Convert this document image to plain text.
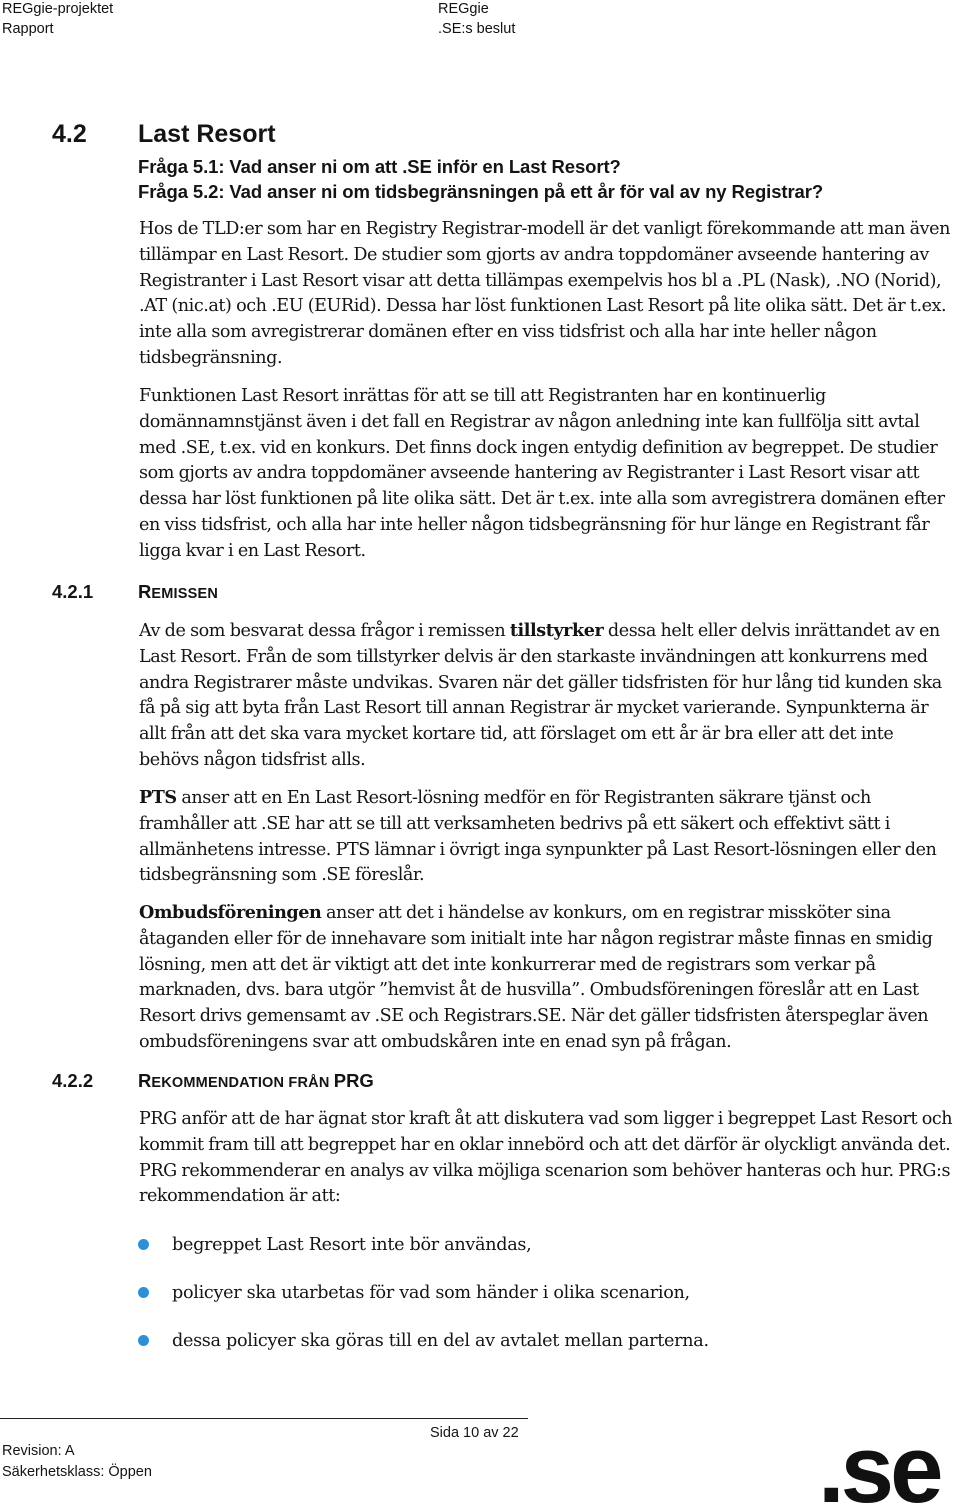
REGgie-projektet
Rapport
REGgie
.SE:s beslut
4.2 Last Resort
Fråga 5.1: Vad anser ni om att .SE inför en Last Resort?
Fråga 5.2: Vad anser ni om tidsbegränsningen på ett år för val av ny Registrar?
Hos de TLD:er som har en Registry Registrar-modell är det vanligt förekommande att man även tillämpar en Last Resort. De studier som gjorts av andra toppdomäner avseende hantering av Registranter i Last Resort visar att detta tillämpas exempelvis hos bl a .PL (Nask), .NO (Norid), .AT (nic.at) och .EU (EURid). Dessa har löst funktionen Last Resort på lite olika sätt. Det är t.ex. inte alla som avregistrerar domänen efter en viss tidsfrist och alla har inte heller någon tidsbegränsning.
Funktionen Last Resort inrättas för att se till att Registranten har en kontinuerlig domännamnstjänst även i det fall en Registrar av någon anledning inte kan fullfölja sitt avtal med .SE, t.ex. vid en konkurs. Det finns dock ingen entydig definition av begreppet. De studier som gjorts av andra toppdomäner avseende hantering av Registranter i Last Resort visar att dessa har löst funktionen på lite olika sätt. Det är t.ex. inte alla som avregistrera domänen efter en viss tidsfrist, och alla har inte heller någon tidsbegränsning för hur länge en Registrant får ligga kvar i en Last Resort.
4.2.1 REMISSEN
Av de som besvarat dessa frågor i remissen tillstyrker dessa helt eller delvis inrättandet av en Last Resort. Från de som tillstyrker delvis är den starkaste invändningen att konkurrens med andra Registrarer måste undvikas. Svaren när det gäller tidsfristen för hur lång tid kunden ska få på sig att byta från Last Resort till annan Registrar är mycket varierande. Synpunkterna är allt från att det ska vara mycket kortare tid, att förslaget om ett år är bra eller att det inte behövs någon tidsfrist alls.
PTS anser att en En Last Resort-lösning medför en för Registranten säkrare tjänst och framhåller att .SE har att se till att verksamheten bedrivs på ett säkert och effektivt sätt i allmänhetens intresse. PTS lämnar i övrigt inga synpunkter på Last Resort-lösningen eller den tidsbegränsning som .SE föreslår.
Ombudsföreningen anser att det i händelse av konkurs, om en registrar missköter sina åtaganden eller för de innehavare som initialt inte har någon registrar måste finnas en smidig lösning, men att det är viktigt att det inte konkurrerar med de registrars som verkar på marknaden, dvs. bara utgör ”hemvist åt de husvilla”. Ombudsföreningen föreslår att en Last Resort drivs gemensamt av .SE och Registrars.SE. När det gäller tidsfristen återspeglar även ombudsföreningens svar att ombudskåren inte en enad syn på frågan.
4.2.2 REKOMMENDATION FRÅN PRG
PRG anför att de har ägnat stor kraft åt att diskutera vad som ligger i begreppet Last Resort och kommit fram till att begreppet har en oklar innebörd och att det därför är olyckligt använda det. PRG rekommenderar en analys av vilka möjliga scenarion som behöver hanteras och hur. PRG:s rekommendation är att:
begreppet Last Resort inte bör användas,
policyer ska utarbetas för vad som händer i olika scenarion,
dessa policyer ska göras till en del av avtalet mellan parterna.
Sida 10 av 22
Revision: A
Säkerhetsklass: Öppen	.se
